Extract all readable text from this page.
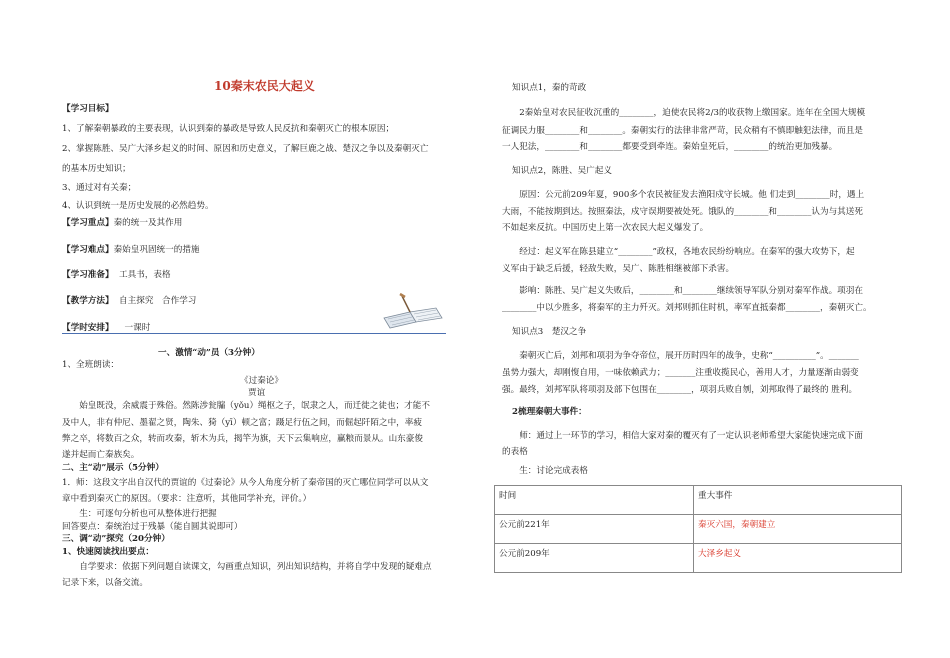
10秦末农民大起义
【学习目标】
1、了解秦朝暴政的主要表现，认识到秦的暴政是导致人民反抗和秦朝灭亡的根本原因；
2、掌握陈胜、吴广大泽乡起义的时间、原因和历史意义，了解巨鹿之战、楚汉之争以及秦朝灭亡
的基本历史知识；
3、通过对有关秦；
4、认识到统一是历史发展的必然趋势。
【学习重点】秦的统一及其作用
【学习难点】秦始皇巩固统一的措施
【学习准备】 工具书，表格
【教学方法】 自主探究　合作学习
【学时安排】 一课时
一、激情“动”员（3分钟）
1、全班朗读：
《过秦论》
贾谊
　　始皇既没，余威震于殊俗。然陈涉瓮牖（yǒu）绳枢之子，氓隶之人，而迁徙之徒也；才能不
及中人，非有仲尼、墨翟之贤，陶朱、猗（yī）顿之富；蹑足行伍之间，而倔起阡陌之中，率疲
弊之卒，将数百之众，转而攻秦，斩木为兵，揭竿为旗，天下云集响应，赢粮而景从。山东豪俊
遂并起而亡秦族矣。
二、主“动”展示（5分钟）
1．师：这段文字出自汉代的贾谊的《过秦论》从今人角度分析了秦帝国的灭亡哪位同学可以从文
章中看到秦灭亡的原因。（要求：注意听，其他同学补充，评价。）
　　生：可逐句分析也可从整体进行把握
回答要点：秦统治过于残暴（能自圆其说即可）
三、调“动”探究（20分钟）
1、快速阅读找出要点：
　　自学要求：依据下列问题自读课文，勾画重点知识，列出知识结构，并将自学中发现的疑难点
记录下来，以备交流。
知识点1，秦的苛政
　　2秦始皇对农民征收沉重的________，迫使农民将2/3的收获物上缴国家。连年在全国大规模
征调民力服________和________。秦朝实行的法律非常严苛，民众稍有不慎即触犯法律，而且是
一人犯法，________和________都要受到牵连。秦始皇死后，________的统治更加残暴。
知识点2，陈胜、吴广起义
　　原因：公元前209年夏，900多个农民被征发去渔阳戍守长城。他 们走到________时，遇上
大雨，不能按期到达。按照秦法，戍守误期要被处死。饿队的________和________认为与其送死
不如起来反抗。中国历史上第一次农民大起义爆发了。
　　经过：起义军在陈县建立“________”政权，各地农民纷纷响应。在秦军的强大攻势下，起
义军由于缺乏后援，轻敌失败，吴广、陈胜相继被部下杀害。
　　影响：陈胜、吴广起义失败后，________和________继续领导军队分别对秦军作战。项羽在
________中以少胜多，将秦军的主力歼灭。刘邦则抓住时机，率军直抵秦都________，秦朝灭亡。
知识点3　楚汉之争
　　秦朝灭亡后，刘邦和项羽为争夺帝位，展开历时四年的战争，史称“__________”。_______
虽势力强大，却刚愎自用，一味依赖武力；_______注重收揽民心，善用人才，力量逐渐由弱变
强。最终，刘邦军队将项羽及部下包围在________，项羽兵败自刎，刘邦取得了最终的 胜利。
2梳理秦朝大事件：
　　师：通过上一环节的学习，相信大家对秦的覆灭有了一定认识老师希望大家能快速完成下面
的表格
　　生：讨论完成表格
时间	重大事件
公元前221年	秦灭六国，秦朝建立
公元前209年	大泽乡起义
